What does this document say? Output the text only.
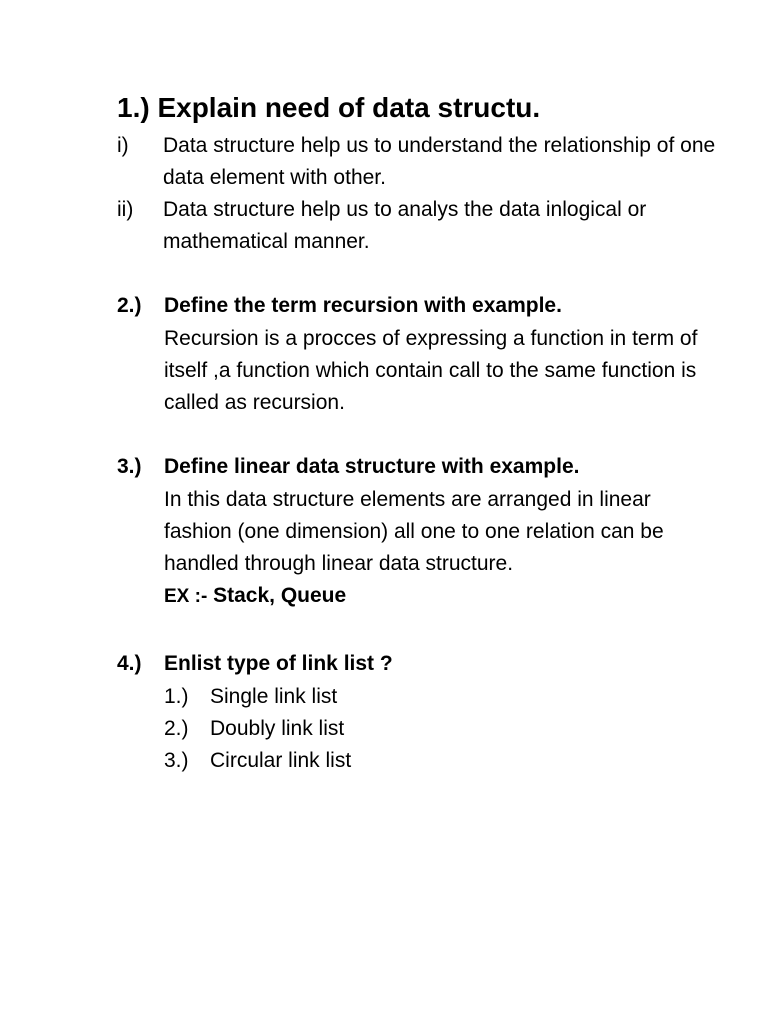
1.) Explain need of data structu.
i)	Data structure help us to understand the relationship of one data element with other.
ii)	Data structure help us to analys the data inlogical or mathematical manner.
2.)	Define the term recursion with example.
Recursion is a procces of expressing a function in term of itself ,a function which contain call to the same function is called as recursion.
3.)	Define linear data structure with example.
In this data structure elements are arranged in linear fashion (one dimension) all one to one relation can be handled through linear data structure.
EX :- Stack, Queue
4.)	Enlist type of link list ?
1.)	Single link list
2.)	Doubly link list
3.)	Circular link list
